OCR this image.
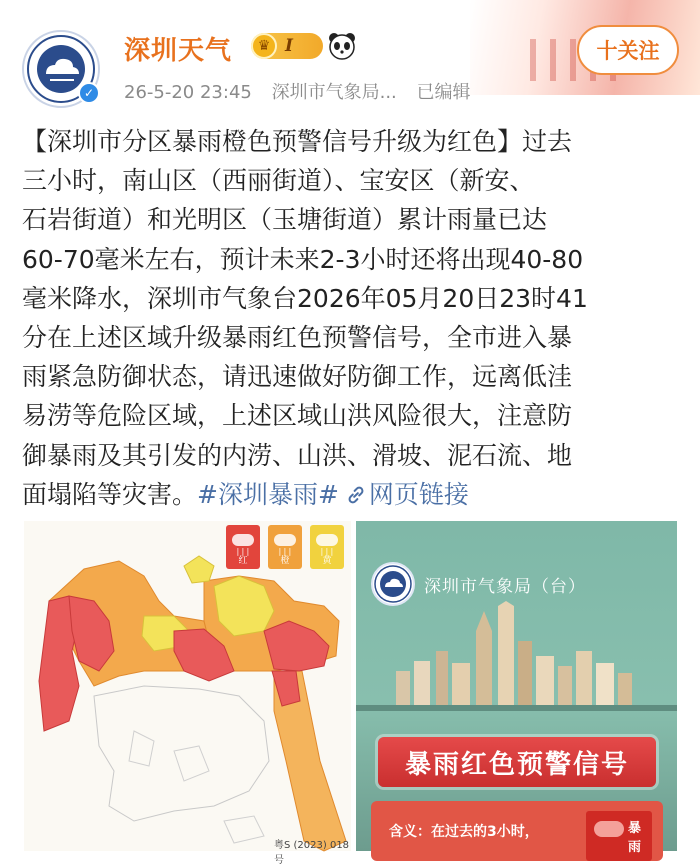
✓
深圳天气	♛ I
26-5-20 23:45 深圳市气象局... 已编辑
十关注
【深圳市分区暴雨橙色预警信号升级为红色】过去
三小时，南山区（西丽街道）、宝安区（新安、
石岩街道）和光明区（玉塘街道）累计雨量已达
60-70毫米左右，预计未来2-3小时还将出现40-80
毫米降水，深圳市气象台2026年05月20日23时41
分在上述区域升级暴雨红色预警信号，全市进入暴
雨紧急防御状态，请迅速做好防御工作，远离低洼
易涝等危险区域，上述区域山洪风险很大，注意防
御暴雨及其引发的内涝、山洪、滑坡、泥石流、地
面塌陷等灾害。#深圳暴雨# 网页链接
∣∣∣
红
∣∣∣
橙
∣∣∣
黄
粤S (2023) 018号
深圳市气象局（台）
暴雨红色预警信号
含义：在过去的3小时，	暴雨
